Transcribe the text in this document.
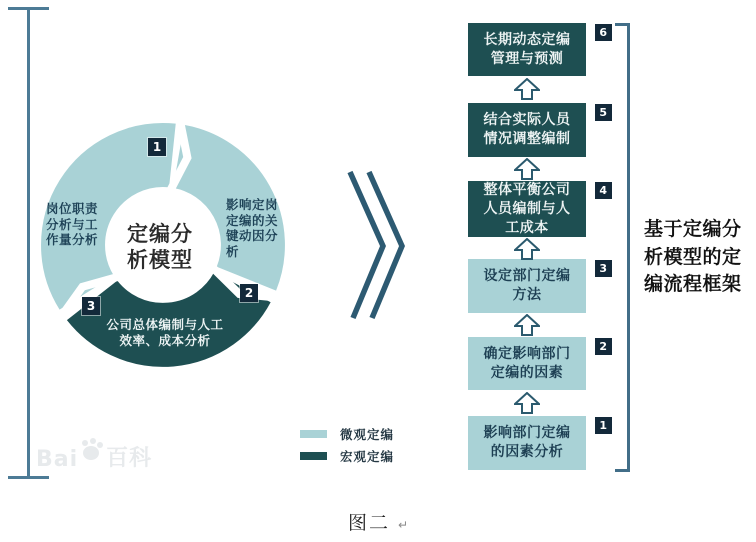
1
2
3
岗位职责分析与工作量分析
影响定岗定编的关键动因分析
公司总体编制与人工效率、成本分析
定编分析模型
长期动态定编管理与预测
6
结合实际人员情况调整编制
5
整体平衡公司人员编制与人工成本
4
设定部门定编方法
3
确定影响部门定编的因素
2
影响部门定编的因素分析
1
基于定编分析模型的定编流程框架
微观定编
宏观定编
Bai 百科
图二 ↵
